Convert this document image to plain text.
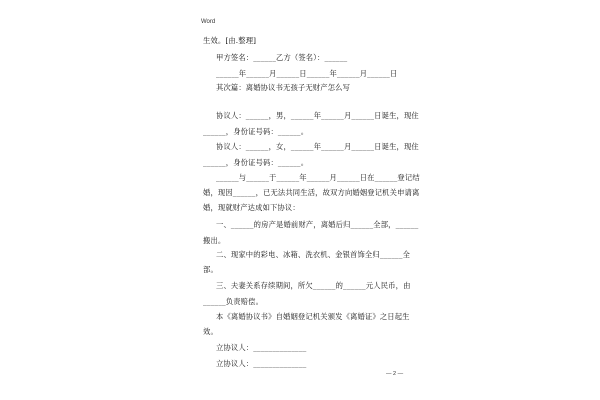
Word
生效。[由.整理]
甲方签名：______乙方（签名）：______
______年______月______日______年______月______日
其次篇：离婚协议书无孩子无财产怎么写
协议人：______，男，______年______月______日诞生，现住
______，身份证号码：______。
协议人：______，女，______年______月______日诞生，现住
______，身份证号码：______。
______与______于______年______月______日在______登记结
婚，现因______，已无法共同生活，故双方向婚姻登记机关申请离
婚，现就财产达成如下协议：
一、______的房产是婚前财产，离婚后归______全部，______
搬出。
二、现家中的彩电、冰箱、洗衣机、金银首饰全归______全
部。
三、夫妻关系存续期间，所欠______的______元人民币，由
______负责赔偿。
本《离婚协议书》自婚姻登记机关颁发《离婚证》之日起生
效。
立协议人：______________
立协议人：______________
— 2 —
